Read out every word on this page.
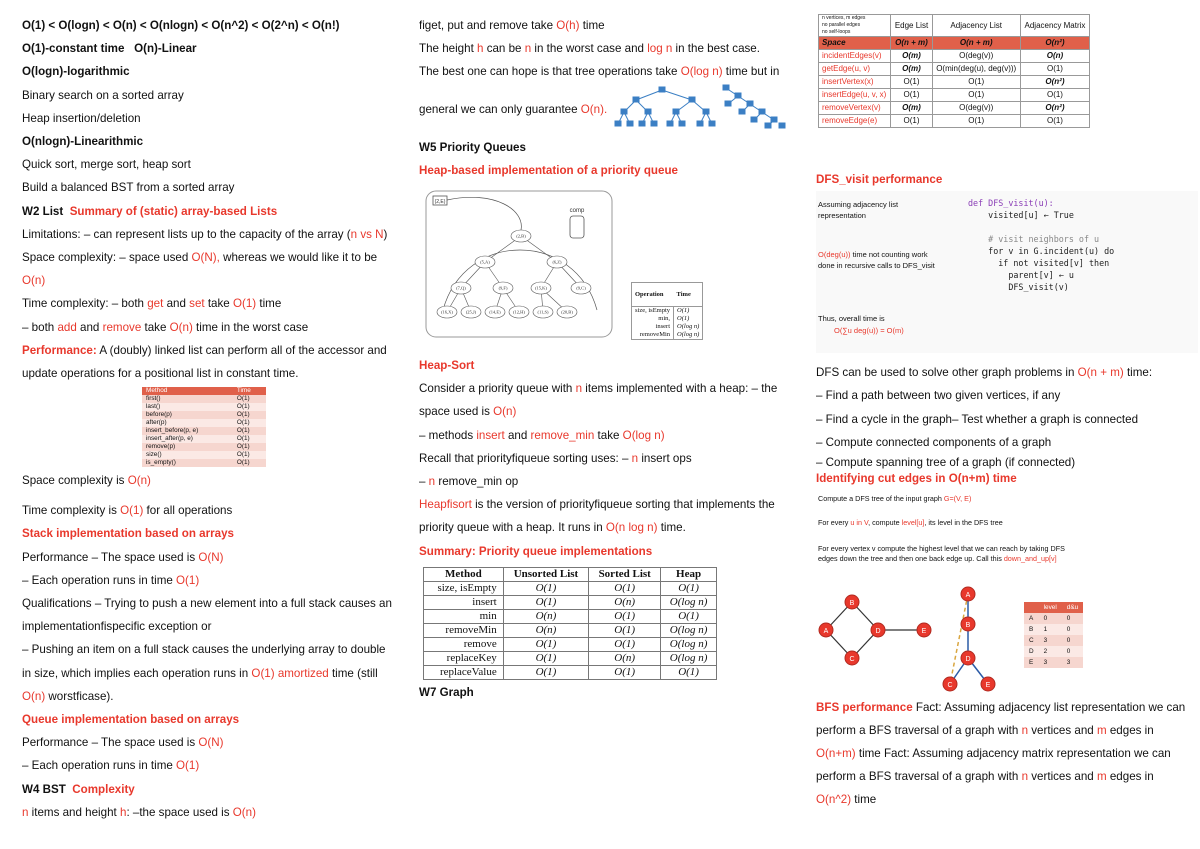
O(1) < O(logn) < O(n) < O(nlogn) < O(n^2) < O(2^n) < O(n!)
O(1)-constant time O(n)-Linear
O(logn)-logarithmic
Binary search on a sorted array
Heap insertion/deletion
O(nlogn)-Linearithmic
Quick sort, merge sort, heap sort
Build a balanced BST from a sorted array
W2 List Summary of (static) array-based Lists
Limitations: – can represent lists up to the capacity of the array (n vs N)
Space complexity: – space used O(N), whereas we would like it to be
O(n)
Time complexity: – both get and set take O(1) time
– both add and remove take O(n) time in the worst case
Performance: A (doubly) linked list can perform all of the accessor and
update operations for a positional list in constant time.
Method	Time
first()	O(1)
last()	O(1)
before(p)	O(1)
after(p)	O(1)
insert_before(p, e)	O(1)
insert_after(p, e)	O(1)
remove(p)	O(1)
size()	O(1)
is_empty()	O(1)
Space complexity is O(n)
Time complexity is O(1) for all operations
Stack implementation based on arrays
Performance – The space used is O(N)
– Each operation runs in time O(1)
Qualifications – Trying to push a new element into a full stack causes an
implementationfispecific exception or
– Pushing an item on a full stack causes the underlying array to double
in size, which implies each operation runs in O(1) amortized time (still
O(n) worstficase).
Queue implementation based on arrays
Performance – The space used is O(N)
– Each operation runs in time O(1)
W4 BST Complexity
n items and height h: –the space used is O(n)
figet, put and remove take O(h) time
The height h can be n in the worst case and log n in the best case.
The best one can hope is that tree operations take O(log n) time but in
general we can only guarantee O(n).
W5 Priority Queues
Heap-based implementation of a priority queue
(2,B)
(5,A)	(6,Z)
(7,Q)	(9,F)	(15,K)	(9,C)
(16,X)	(25,J)	(14,E)	(12,H)	(11,S)	(20,B)
(2,E)
comp
Operation	Time
size, isEmpty	O(1)
min,	O(1)
insert	O(log n)
removeMin	O(log n)
Heap-Sort
Consider a priority queue with n items implemented with a heap: – the
space used is O(n)
– methods insert and remove_min take O(log n)
Recall that priorityfiqueue sorting uses: – n insert ops
– n remove_min op
Heapfisort is the version of priorityfiqueue sorting that implements the
priority queue with a heap. It runs in O(n log n) time.
Summary: Priority queue implementations
Method	Unsorted List	Sorted List	Heap
size, isEmpty	O(1)	O(1)	O(1)
insert	O(1)	O(n)	O(log n)
min	O(n)	O(1)	O(1)
removeMin	O(n)	O(1)	O(log n)
remove	O(1)	O(1)	O(log n)
replaceKey	O(1)	O(n)	O(log n)
replaceValue	O(1)	O(1)	O(1)
W7 Graph
n vertices, m edges
no parallel edges
no self-loops	Edge List	Adjacency List	Adjacency Matrix
Space	O(n + m)	O(n + m)	O(n²)
incidentEdges(v)	O(m)	O(deg(v))	O(n)
getEdge(u, v)	O(m)	O(min(deg(u), deg(v)))	O(1)
insertVertex(x)	O(1)	O(1)	O(n²)
insertEdge(u, v, x)	O(1)	O(1)	O(1)
removeVertex(v)	O(m)	O(deg(v))	O(n²)
removeEdge(e)	O(1)	O(1)	O(1)
DFS_visit performance
Assuming adjacency list representation
O(deg(u)) time not counting work done in recursive calls to DFS_visit
Thus, overall time is
O(∑u deg(u)) = O(m)
def DFS_visit(u):
visited[u] ← True
# visit neighbors of u
for v in G.incident(u) do
if not visited[v] then
parent[v] ← u
DFS_visit(v)
DFS can be used to solve other graph problems in O(n + m) time:
– Find a path between two given vertices, if any
– Find a cycle in the graph– Test whether a graph is connected
– Compute connected components of a graph
– Compute spanning tree of a graph (if connected)
Identifying cut edges in O(n+m) time
Compute a DFS tree of the input graph G=(V, E)
For every u in V, compute level[u], its level in the DFS tree
For every vertex v compute the highest level that we can reach by taking DFS edges down the tree and then one back edge up. Call this down_and_up[v]
B
A	D	E
C
A
B
D
C	E
	level	d&u
A	0	0
B	1	0
C	3	0
D	2	0
E	3	3
BFS performance Fact: Assuming adjacency list representation we can
perform a BFS traversal of a graph with n vertices and m edges in
O(n+m) time Fact: Assuming adjacency matrix representation we can
perform a BFS traversal of a graph with n vertices and m edges in
O(n^2) time
